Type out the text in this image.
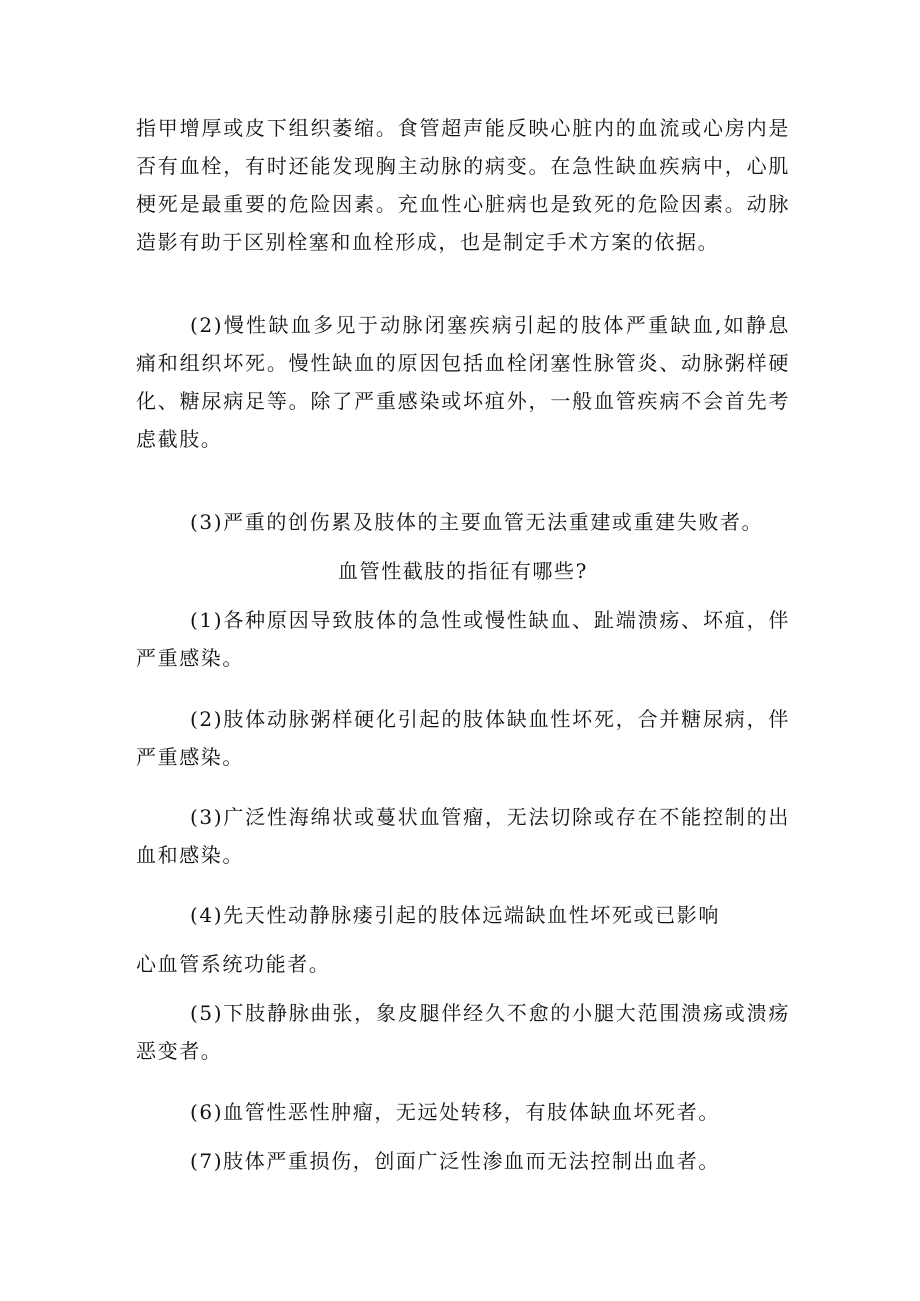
指甲增厚或皮下组织萎缩。食管超声能反映心脏内的血流或心房内是否有血栓，有时还能发现胸主动脉的病变。在急性缺血疾病中，心肌梗死是最重要的危险因素。充血性心脏病也是致死的危险因素。动脉造影有助于区别栓塞和血栓形成，也是制定手术方案的依据。

(2)慢性缺血多见于动脉闭塞疾病引起的肢体严重缺血,如静息痛和组织坏死。慢性缺血的原因包括血栓闭塞性脉管炎、动脉粥样硬化、糖尿病足等。除了严重感染或坏疽外，一般血管疾病不会首先考虑截肢。

(3)严重的创伤累及肢体的主要血管无法重建或重建失败者。

血管性截肢的指征有哪些?

(1)各种原因导致肢体的急性或慢性缺血、趾端溃疡、坏疽，伴严重感染。

(2)肢体动脉粥样硬化引起的肢体缺血性坏死，合并糖尿病，伴严重感染。

(3)广泛性海绵状或蔓状血管瘤，无法切除或存在不能控制的出血和感染。

(4)先天性动静脉瘘引起的肢体远端缺血性坏死或已影响

心血管系统功能者。

(5)下肢静脉曲张，象皮腿伴经久不愈的小腿大范围溃疡或溃疡恶变者。

(6)血管性恶性肿瘤，无远处转移，有肢体缺血坏死者。

(7)肢体严重损伤，创面广泛性渗血而无法控制出血者。
